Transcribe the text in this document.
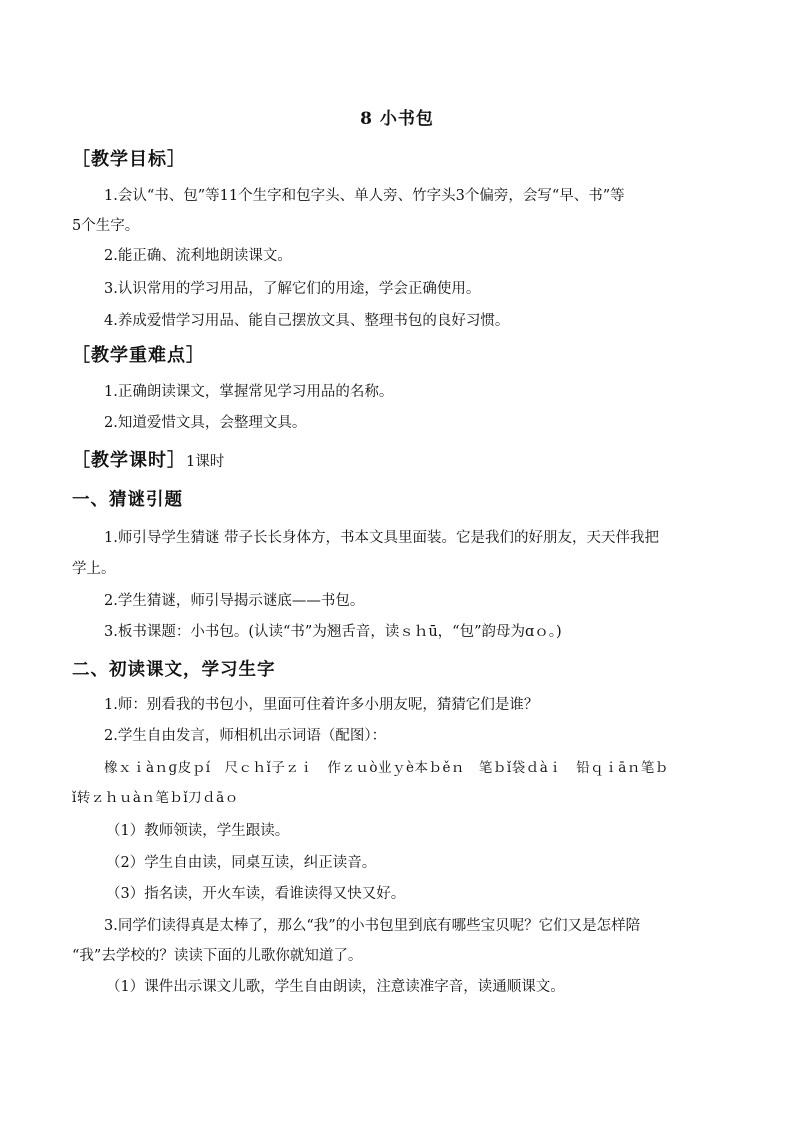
8 小书包
［教学目标］
1.会认“书、包”等11个生字和包字头、单人旁、竹字头3个偏旁，会写“早、书”等
5个生字。
2.能正确、流利地朗读课文。
3.认识常用的学习用品，了解它们的用途，学会正确使用。
4.养成爱惜学习用品、能自己摆放文具、整理书包的良好习惯。
［教学重难点］
1.正确朗读课文，掌握常见学习用品的名称。
2.知道爱惜文具，会整理文具。
［教学课时］1课时
一、猜谜引题
1.师引导学生猜谜 带子长长身体方，书本文具里面装。它是我们的好朋友，天天伴我把
学上。
2.学生猜谜，师引导揭示谜底——书包。
3.板书课题：小书包。(认读“书”为翘舌音，读ｓｈū，“包”韵母为ɑｏ。)
二、初读课文，学习生字
1.师：别看我的书包小，里面可住着许多小朋友呢，猜猜它们是谁？
2.学生自由发言，师相机出示词语（配图）：
橡ｘｉàｎɡ皮ｐí　尺ｃｈǐ子ｚｉ　作ｚｕò业ｙè本ｂěｎ　笔ｂǐ袋ｄàｉ　铅ｑｉāｎ笔ｂ
ǐ转ｚｈｕàｎ笔ｂǐ刀ｄāｏ
（1）教师领读，学生跟读。
（2）学生自由读，同桌互读，纠正读音。
（3）指名读，开火车读，看谁读得又快又好。
3.同学们读得真是太棒了，那么“我”的小书包里到底有哪些宝贝呢？它们又是怎样陪
“我”去学校的？读读下面的儿歌你就知道了。
（1）课件出示课文儿歌，学生自由朗读，注意读准字音，读通顺课文。
